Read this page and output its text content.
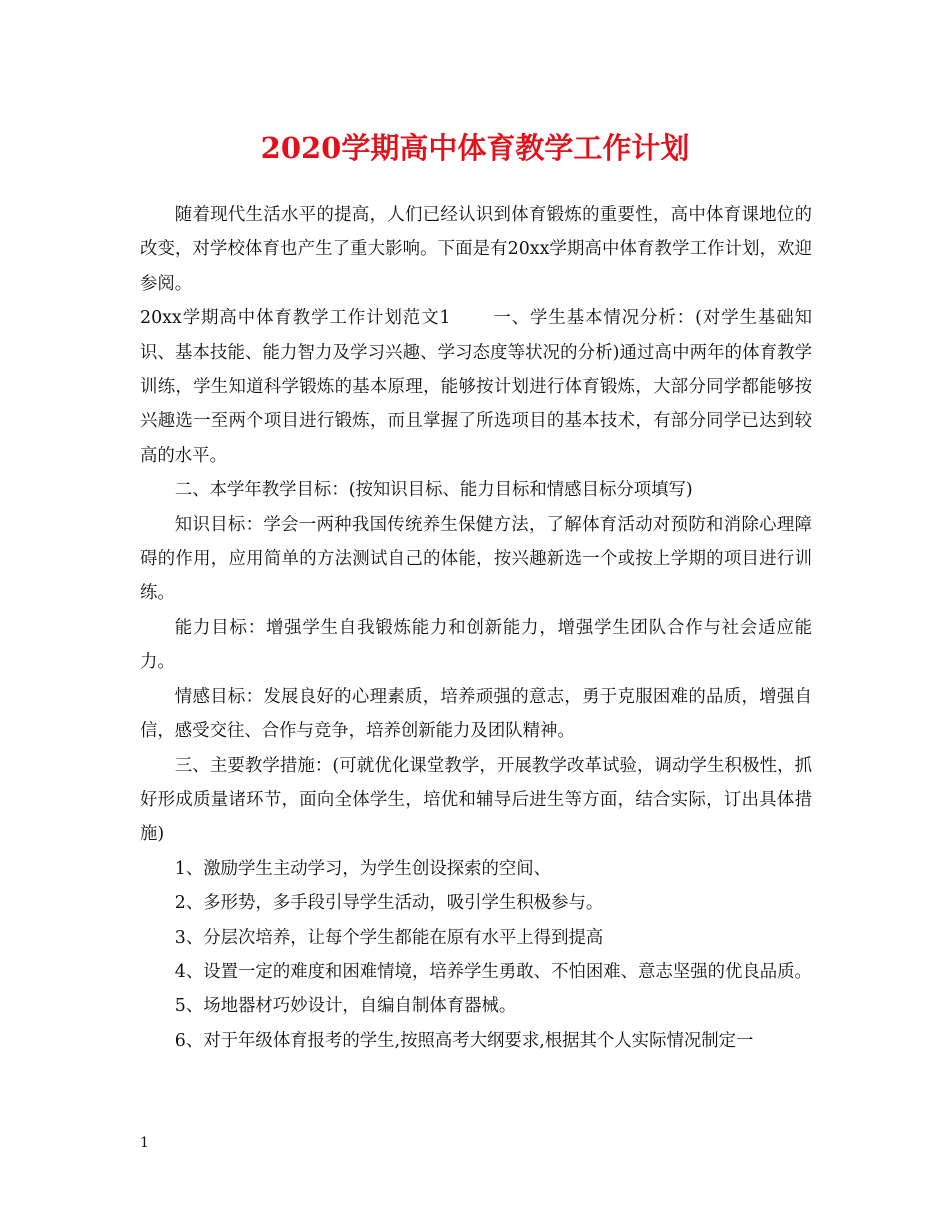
2020学期高中体育教学工作计划

随着现代生活水平的提高，人们已经认识到体育锻炼的重要性，高中体育课地位的改变，对学校体育也产生了重大影响。下面是有20xx学期高中体育教学工作计划，欢迎参阅。

20xx学期高中体育教学工作计划范文1 一、学生基本情况分析：(对学生基础知识、基本技能、能力智力及学习兴趣、学习态度等状况的分析)通过高中两年的体育教学训练，学生知道科学锻炼的基本原理，能够按计划进行体育锻炼，大部分同学都能够按兴趣选一至两个项目进行锻炼，而且掌握了所选项目的基本技术，有部分同学已达到较高的水平。

二、本学年教学目标：(按知识目标、能力目标和情感目标分项填写)

知识目标：学会一两种我国传统养生保健方法，了解体育活动对预防和消除心理障碍的作用，应用简单的方法测试自己的体能，按兴趣新选一个或按上学期的项目进行训练。

能力目标：增强学生自我锻炼能力和创新能力，增强学生团队合作与社会适应能力。

情感目标：发展良好的心理素质，培养顽强的意志，勇于克服困难的品质，增强自信，感受交往、合作与竞争，培养创新能力及团队精神。

三、主要教学措施：(可就优化课堂教学，开展教学改革试验，调动学生积极性，抓好形成质量诸环节，面向全体学生，培优和辅导后进生等方面，结合实际，订出具体措施)

1、激励学生主动学习，为学生创设探索的空间、

2、多形势，多手段引导学生活动，吸引学生积极参与。

3、分层次培养，让每个学生都能在原有水平上得到提高

4、设置一定的难度和困难情境，培养学生勇敢、不怕困难、意志坚强的优良品质。

5、场地器材巧妙设计，自编自制体育器械。

6、对于年级体育报考的学生,按照高考大纲要求,根据其个人实际情况制定一

1
